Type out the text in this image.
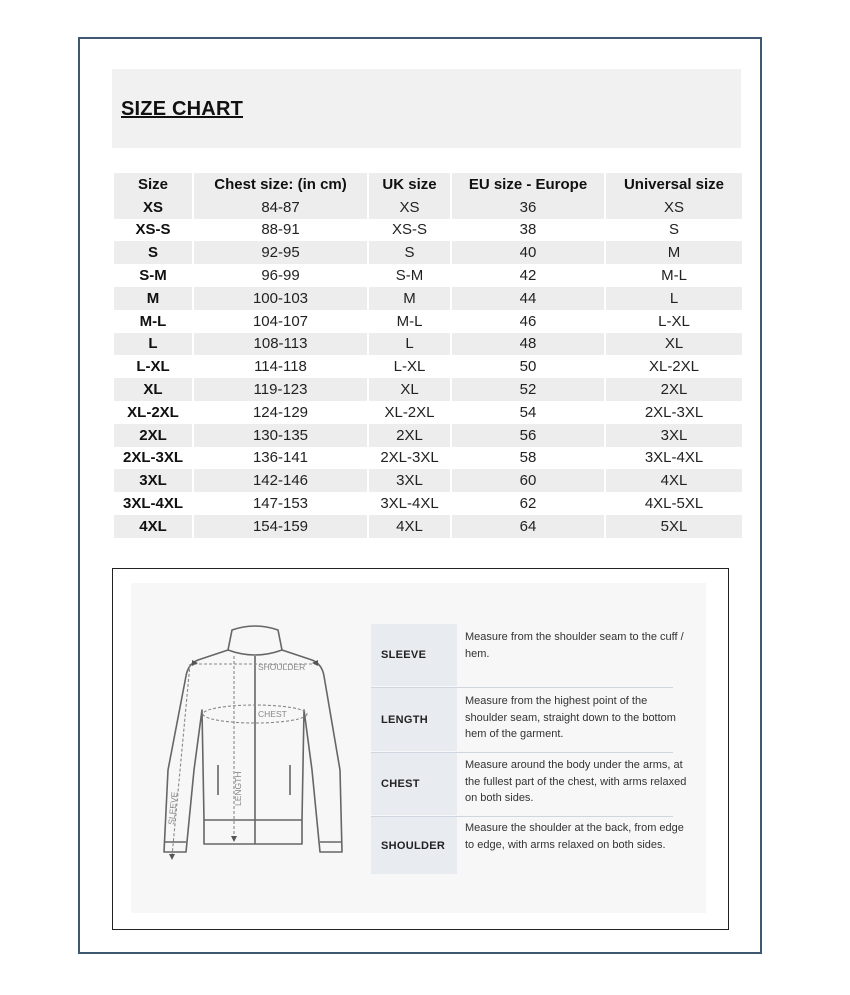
SIZE CHART
Size	Chest size: (in cm)	UK size	EU size - Europe	Universal size
XS	84-87	XS	36	XS
XS-S	88-91	XS-S	38	S
S	92-95	S	40	M
S-M	96-99	S-M	42	M-L
M	100-103	M	44	L
M-L	104-107	M-L	46	L-XL
L	108-113	L	48	XL
L-XL	114-118	L-XL	50	XL-2XL
XL	119-123	XL	52	2XL
XL-2XL	124-129	XL-2XL	54	2XL-3XL
2XL	130-135	2XL	56	3XL
2XL-3XL	136-141	2XL-3XL	58	3XL-4XL
3XL	142-146	3XL	60	4XL
3XL-4XL	147-153	3XL-4XL	62	4XL-5XL
4XL	154-159	4XL	64	5XL
SHOULDER
CHEST
LENGTH
SLEEVE
SLEEVE
Measure from the shoulder seam to the cuff / hem.
LENGTH
Measure from the highest point of the shoulder seam, straight down to the bottom hem of the garment.
CHEST
Measure around the body under the arms, at the fullest part of the chest, with arms relaxed on both sides.
SHOULDER
Measure the shoulder at the back, from edge to edge, with arms relaxed on both sides.
